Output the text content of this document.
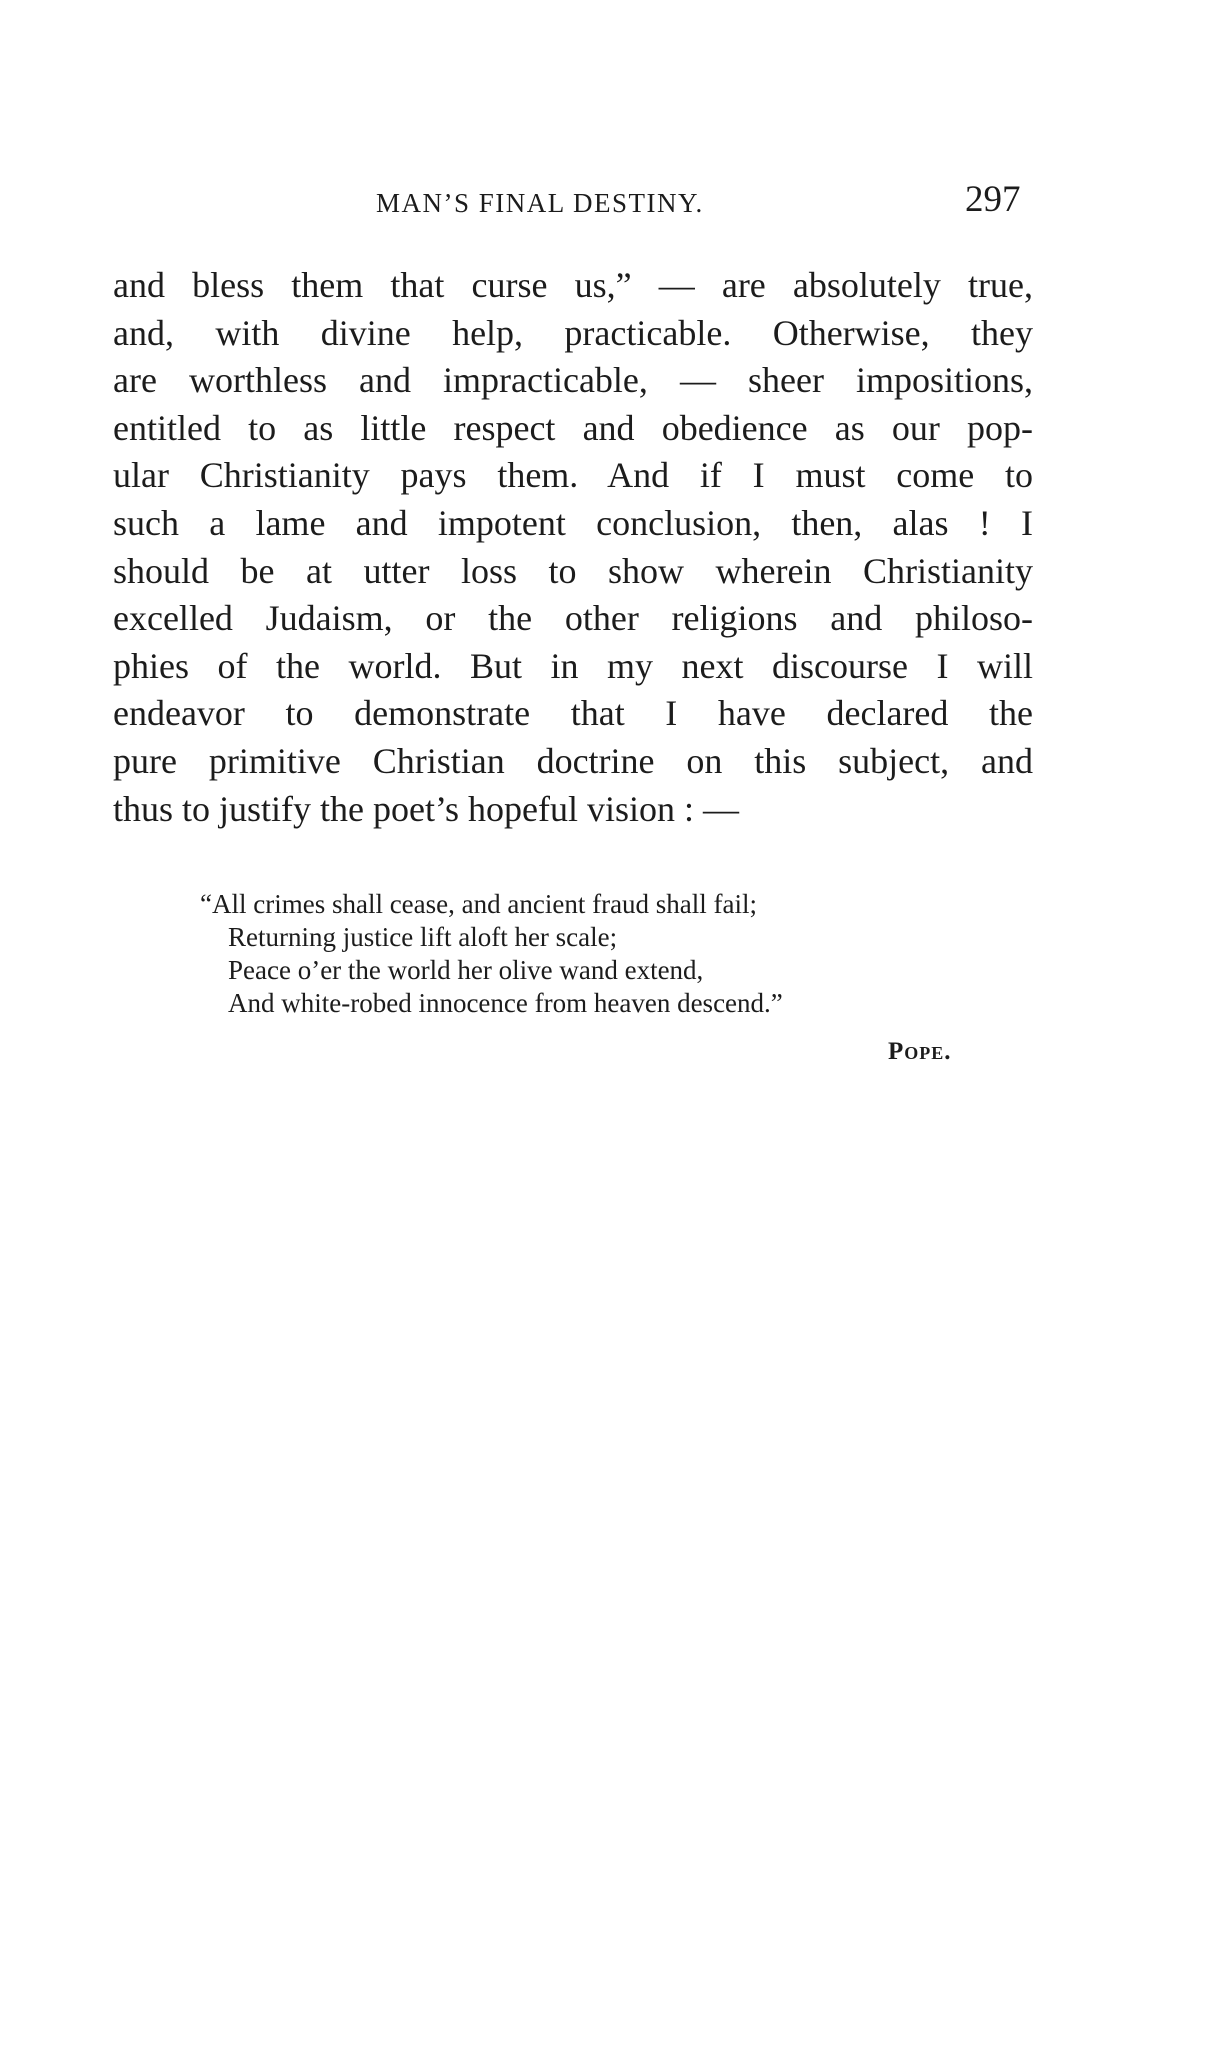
MAN’S FINAL DESTINY.	297
and bless them that curse us,” — are absolutely true,
and, with divine help, practicable. Otherwise, they
are worthless and impracticable, — sheer impositions,
entitled to as little respect and obedience as our pop-
ular Christianity pays them. And if I must come to
such a lame and impotent conclusion, then, alas ! I
should be at utter loss to show wherein Christianity
excelled Judaism, or the other religions and philoso-
phies of the world. But in my next discourse I will
endeavor to demonstrate that I have declared the
pure primitive Christian doctrine on this subject, and
thus to justify the poet’s hopeful vision : —
“All crimes shall cease, and ancient fraud shall fail;
Returning justice lift aloft her scale;
Peace o’er the world her olive wand extend,
And white-robed innocence from heaven descend.”
Pope.
